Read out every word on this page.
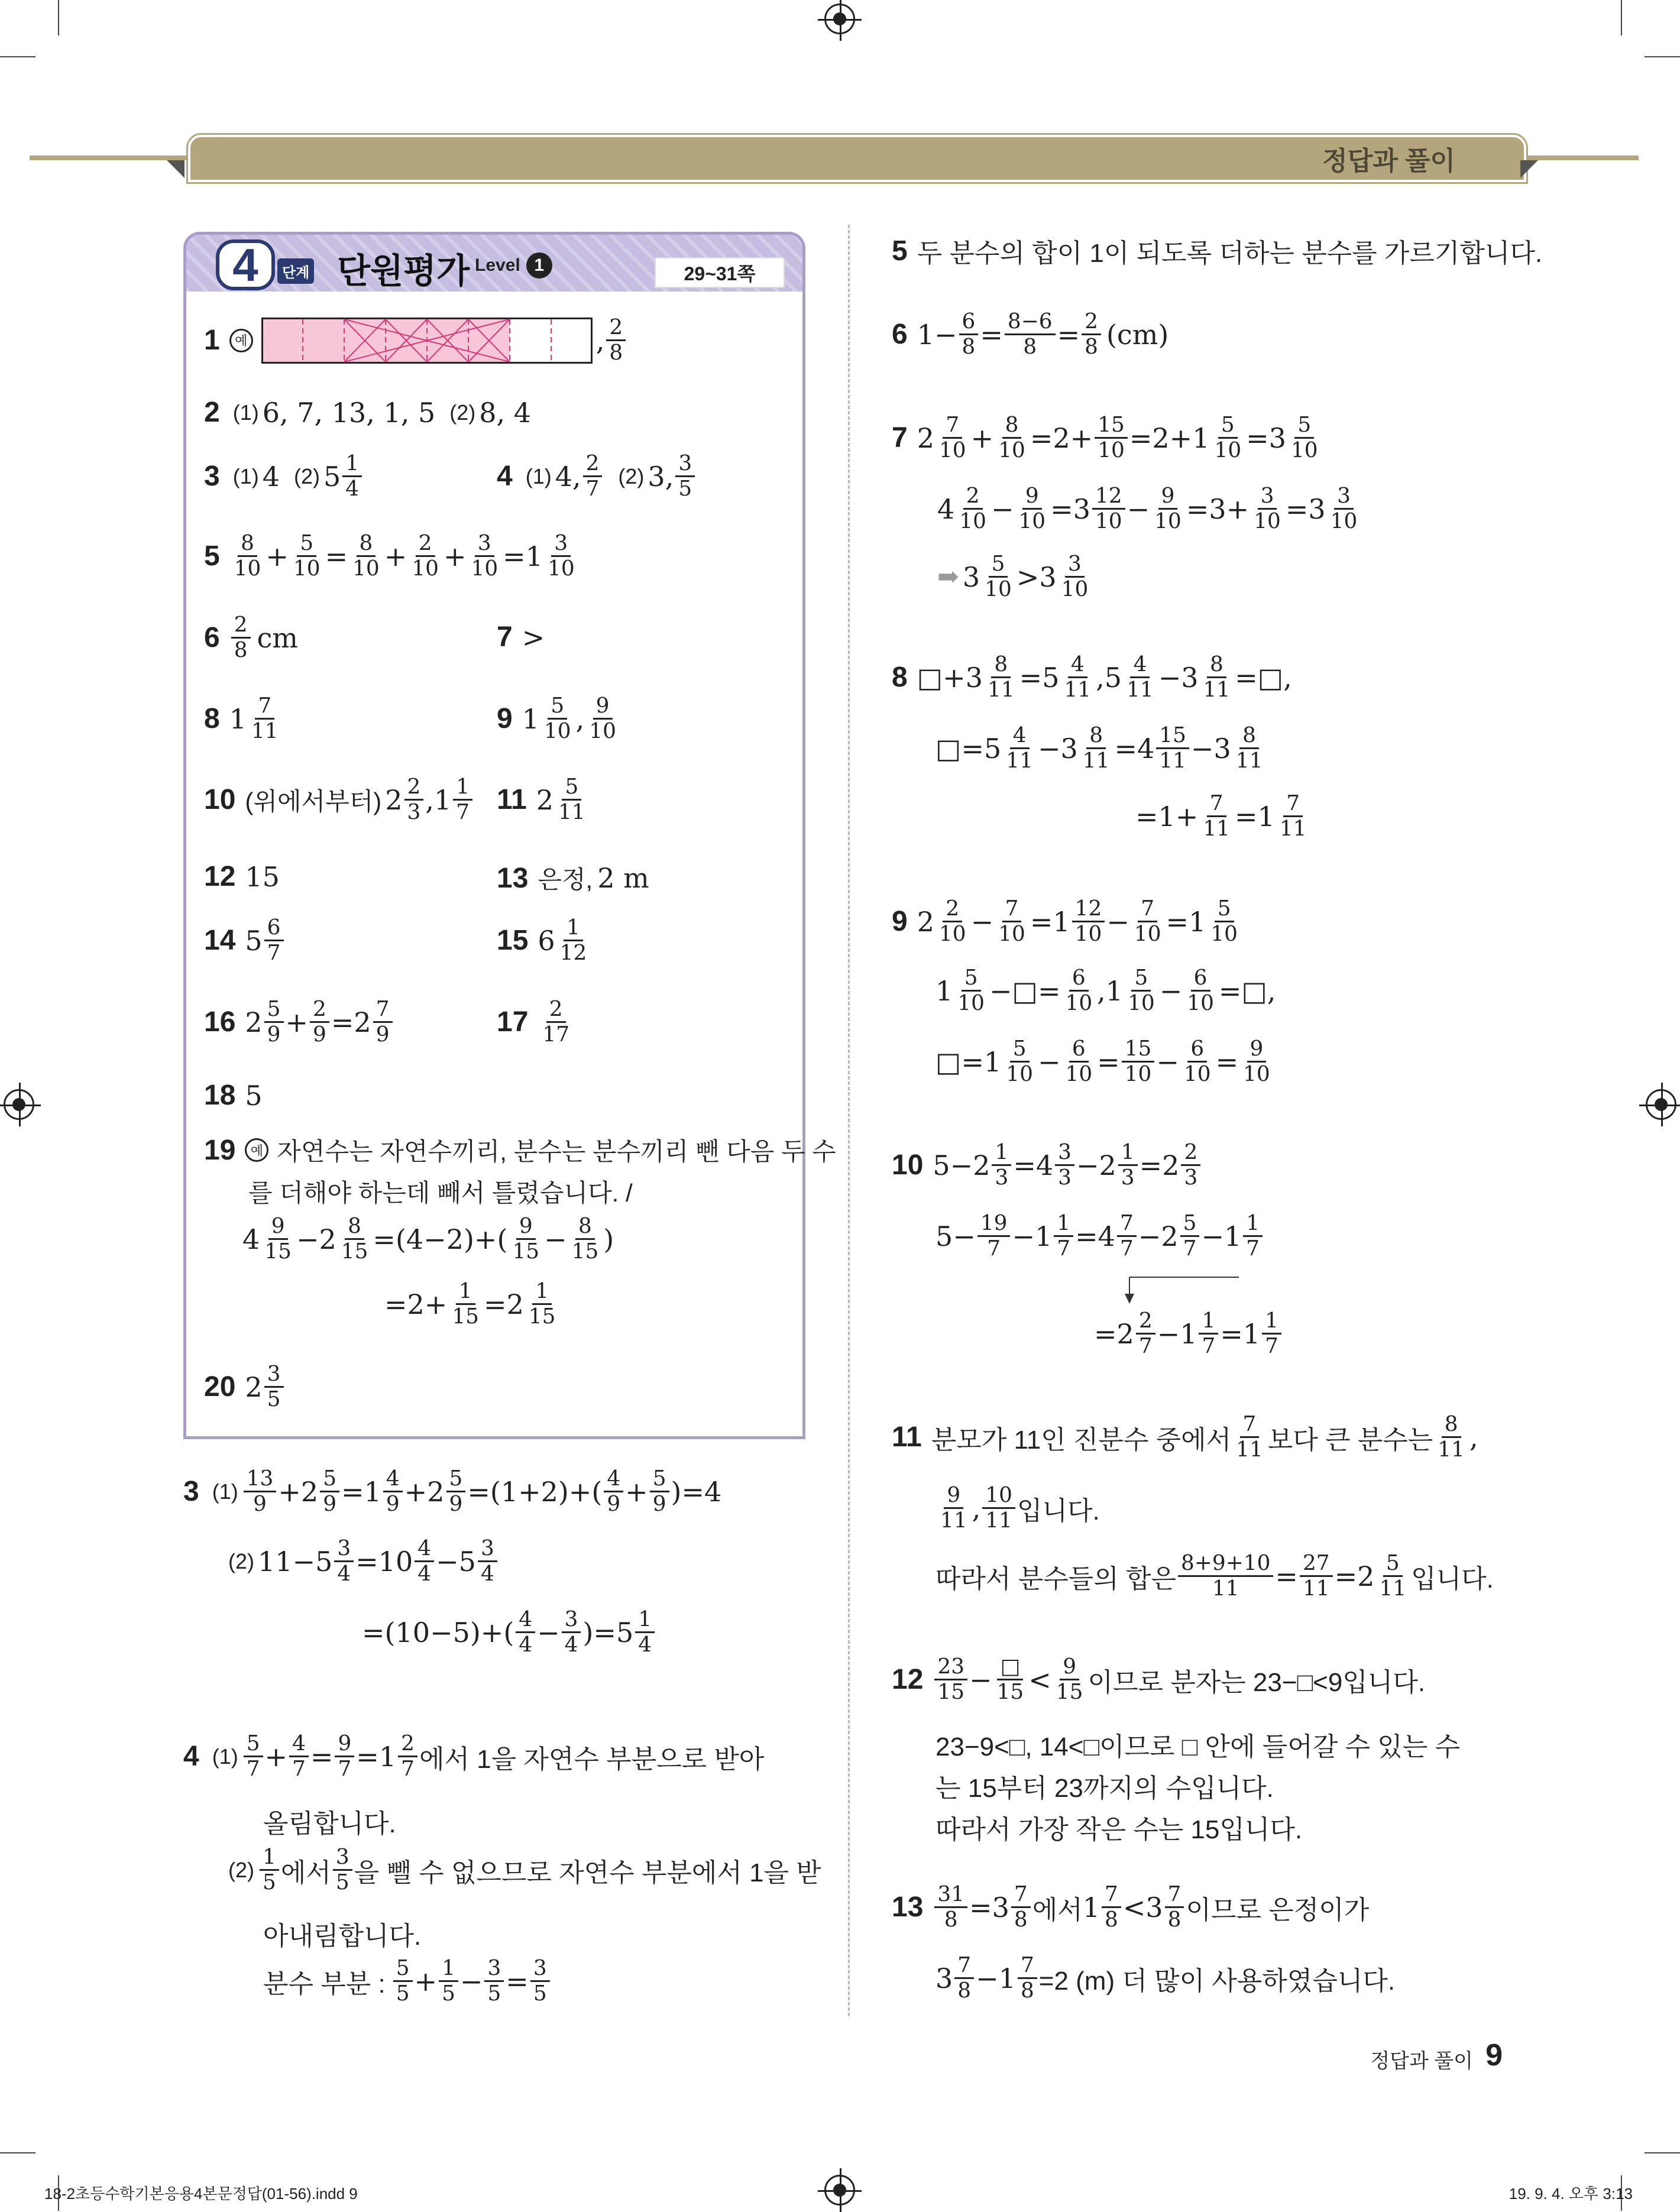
정답과 풀이
4	단계 단원평가 Level 1	29~31쪽
1	예	, 2
8
2 (1) 6, 7, 13, 1, 5 (2) 8, 4
3 (1) 4 (2) 5 1
4	4 (1) 4, 2
7
(2) 3, 3
5
5 8
10 + 5
10 = 8
10 + 2
10 + 3
10 = 1 3
10
6 2
8 cm	7 >
8 1 7
11	9 1 5
10 , 9
10
10 (위에서부터) 2 2
3 , 1 1
7 11 2 5
11
12 15	13 은정, 2 m
14 5 6
7	15 6 1
12
16 2 5
9 + 2
9 = 2 7
9	17 2
17
18 5
19	예 자연수는 자연수끼리, 분수는 분수끼리 뺀 다음 두 수
를 더해야 하는데 빼서 틀렸습니다. /
4 9
15 − 2 8
15 =(4−2)+( 9
15 − 8
15 )
=2+ 1
15 = 2 1
15
20 2 3
5
3 (1)
13
9 + 2 5
9 = 1 4
9 + 2 5
9 =(1+2)+( 4
9 + 5
9 )=4
(2) 11− 5 3
4 = 10 4
4 − 5 3
4
=(10−5)+( 4
4 − 3
4 )= 5 1
4
4 (1)
5
7 + 4
7 = 9
7 = 1 2
7 에서 1을 자연수 부분으로 받아
올림합니다.
(2)
1
5 에서
3
5 을 뺄 수 없으므로 자연수 부분에서 1을 받
아내림합니다.
분수 부분 :
5
5 + 1
5 − 3
5 = 3
5
5 두 분수의 합이 1이 되도록 더하는 분수를 가르기합니다.
6 1− 6
8 = 8−6
8 = 2
8 (cm)
7 2 7
10 + 8
10 =2+ 15
10 =2+ 1 5
10 = 3 5
10
4 2
10 − 9
10 = 3 12
10 − 9
10 =3+ 3
10 = 3 3
10
➡ 3 5
10 > 3 3
10
8 □+ 3 8
11 = 5 4
11 , 5 4
11 − 3 8
11 =□,
□= 5 4
11 − 3 8
11 = 4 15
11 − 3 8
11
=1+ 7
11 = 1 7
11
9 2 2
10 − 7
10 = 1 12
10 − 7
10 = 1 5
10
1 5
10 −□= 6
10 , 1 5
10 − 6
10 =□,
□= 1 5
10 − 6
10 = 15
10 − 6
10 = 9
10
10 5− 2 1
3 = 4 3
3 − 2 1
3 = 2 2
3
5− 19
7 − 1 1
7 = 4 7
7 − 2 5
7 − 1 1
7
= 2 2
7 − 1 1
7 = 1 1
7
11 분모가 11인 진분수 중에서
7
11 보다 큰 분수는
8
11 ,
9
11 , 10
11 입니다.
따라서 분수들의 합은
8+9+10
11 = 27
11 = 2 5
11 입니다.
12 23
15 − □
15 < 9
15 이므로 분자는 23−□<9입니다.
23−9<□, 14<□이므로 □ 안에 들어갈 수 있는 수
는 15부터 23까지의 수입니다.
따라서 가장 작은 수는 15입니다.
13 31
8 = 3 7
8 에서 1 7
8 < 3 7
8 이므로 은정이가
3 7
8 − 1 7
8 =2 (m) 더 많이 사용하였습니다.
정답과 풀이 9
18-2초등수학기본응용4본문정답(01-56).indd 9	19. 9. 4. 오후 3:13
